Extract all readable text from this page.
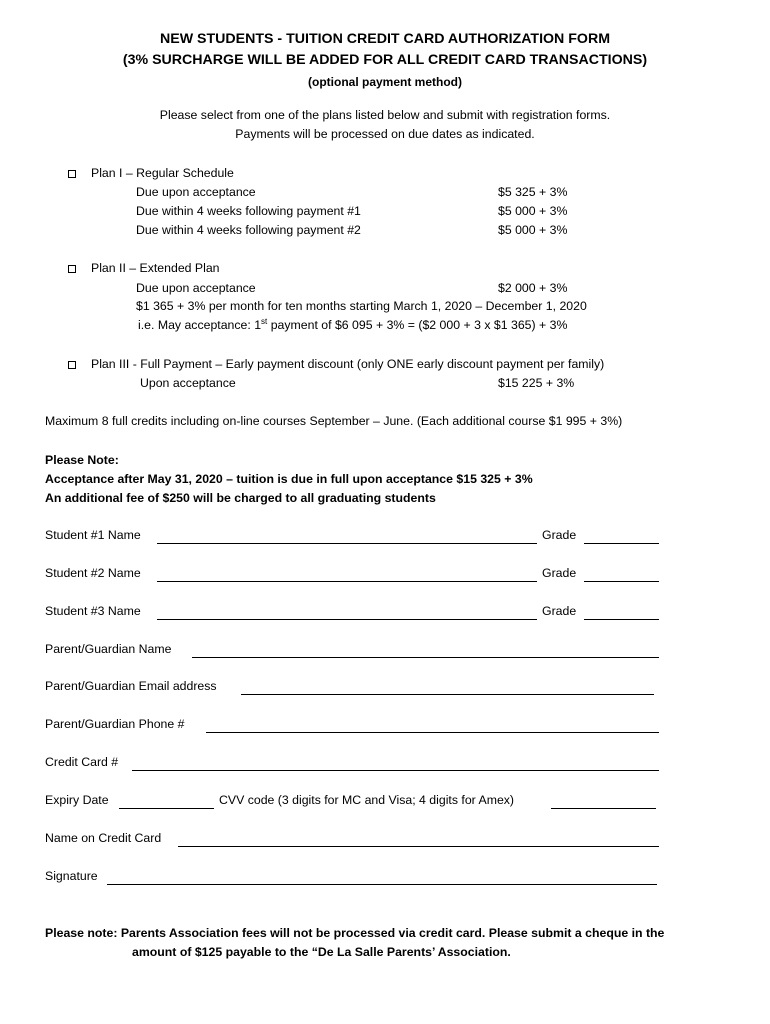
NEW STUDENTS - TUITION CREDIT CARD AUTHORIZATION FORM
(3% SURCHARGE WILL BE ADDED FOR ALL CREDIT CARD TRANSACTIONS)
(optional payment method)
Please select from one of the plans listed below and submit with registration forms.
Payments will be processed on due dates as indicated.
Plan I – Regular Schedule
Due upon acceptance	$5 325 + 3%
Due within 4 weeks following payment #1	$5 000 + 3%
Due within 4 weeks following payment #2	$5 000 + 3%
Plan II – Extended Plan
Due upon acceptance	$2 000 + 3%
$1 365 + 3% per month for ten months starting March 1, 2020 – December 1, 2020
i.e. May acceptance: 1st payment of $6 095 + 3% = ($2 000 + 3 x $1 365) + 3%
Plan III - Full Payment – Early payment discount (only ONE early discount payment per family)
Upon acceptance	$15 225 + 3%
Maximum 8 full credits including on-line courses September – June. (Each additional course $1 995 + 3%)
Please Note:
Acceptance after May 31, 2020 – tuition is due in full upon acceptance $15 325 + 3%
An additional fee of $250 will be charged to all graduating students
Student #1 Name	Grade
Student #2 Name	Grade
Student #3 Name	Grade
Parent/Guardian Name
Parent/Guardian Email address
Parent/Guardian Phone #
Credit Card #
Expiry Date	CVV code (3 digits for MC and Visa; 4 digits for Amex)
Name on Credit Card
Signature
Please note: Parents Association fees will not be processed via credit card. Please submit a cheque in the
amount of $125 payable to the “De La Salle Parents’ Association.
